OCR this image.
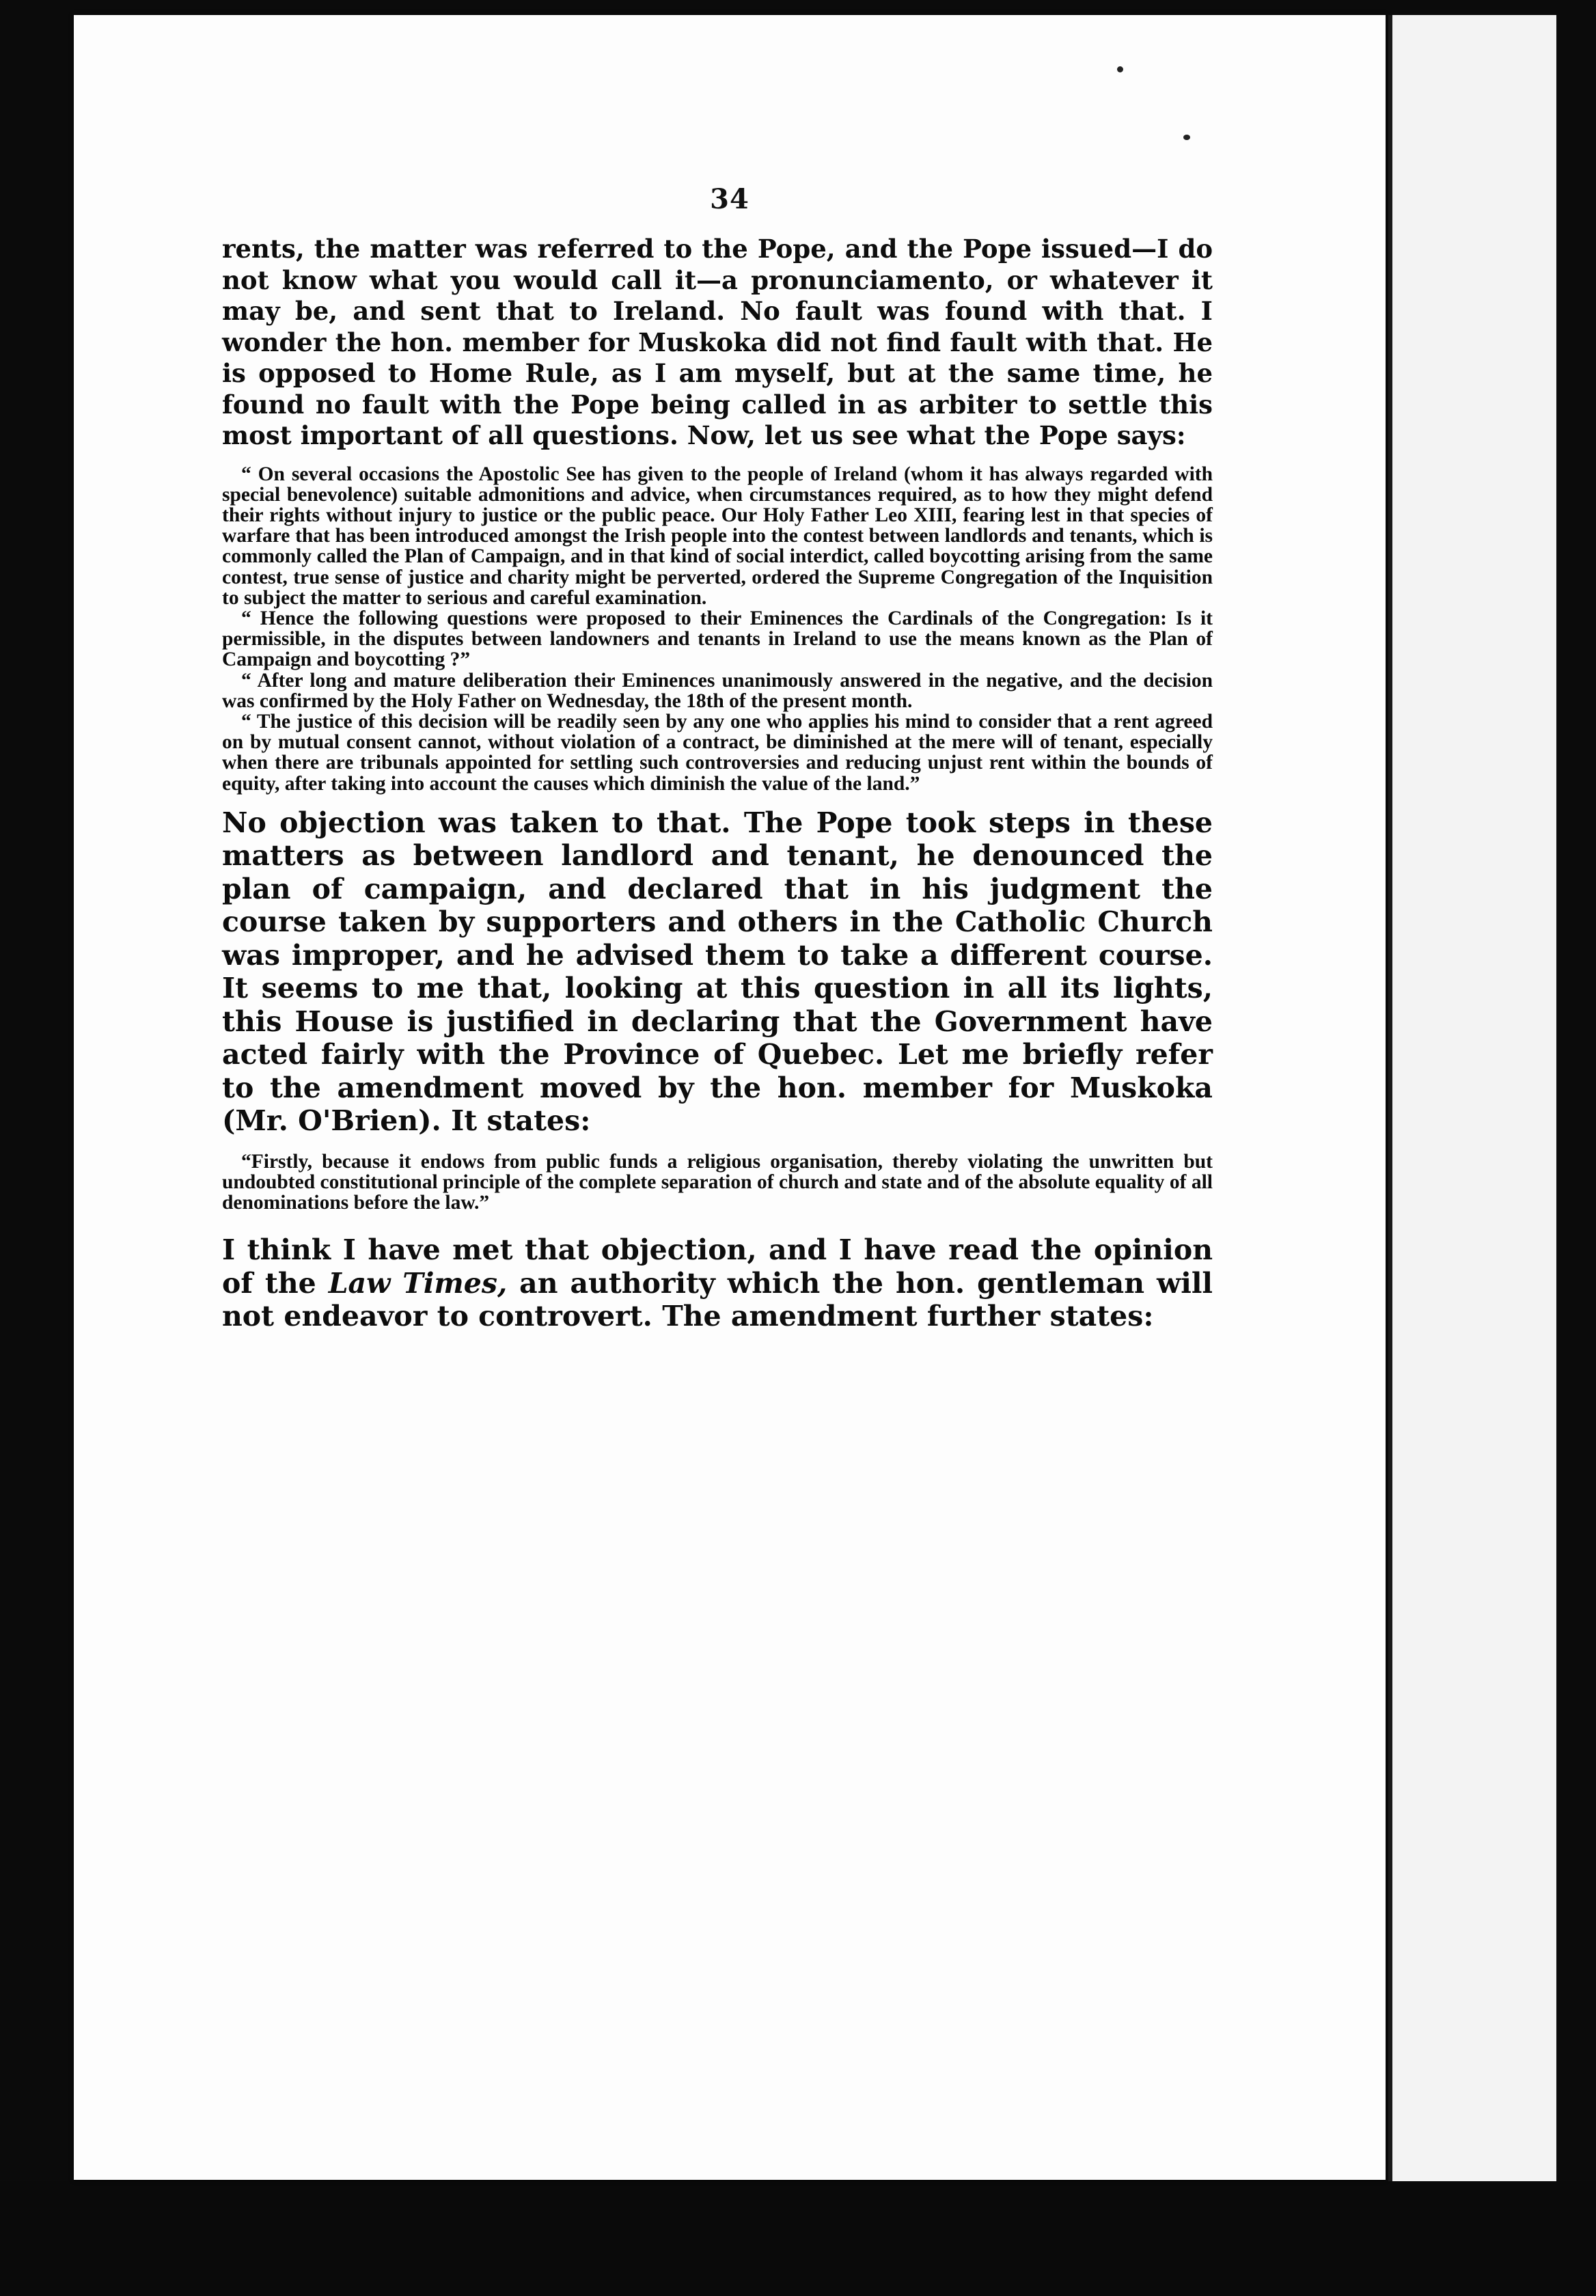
34

rents, the matter was referred to the Pope, and the Pope issued—I do not know what you would call it—a pronunciamento, or whatever it may be, and sent that to Ireland. No fault was found with that. I wonder the hon. member for Muskoka did not find fault with that. He is opposed to Home Rule, as I am myself, but at the same time, he found no fault with the Pope being called in as arbiter to settle this most important of all questions. Now, let us see what the Pope says:

“ On several occasions the Apostolic See has given to the people of Ireland (whom it has always regarded with special benevolence) suitable admonitions and advice, when circumstances required, as to how they might defend their rights without injury to justice or the public peace. Our Holy Father Leo XIII, fearing lest in that species of warfare that has been introduced amongst the Irish people into the contest between landlords and tenants, which is commonly called the Plan of Campaign, and in that kind of social interdict, called boycotting arising from the same contest, true sense of justice and charity might be perverted, ordered the Supreme Congregation of the Inquisition to subject the matter to serious and careful examination.

“ Hence the following questions were proposed to their Eminences the Cardinals of the Congregation: Is it permissible, in the disputes between landowners and tenants in Ireland to use the means known as the Plan of Campaign and boycotting ?”

“ After long and mature deliberation their Eminences unanimously answered in the negative, and the decision was confirmed by the Holy Father on Wednesday, the 18th of the present month.

“ The justice of this decision will be readily seen by any one who applies his mind to consider that a rent agreed on by mutual consent cannot, without violation of a contract, be diminished at the mere will of tenant, especially when there are tribunals appointed for settling such controversies and reducing unjust rent within the bounds of equity, after taking into account the causes which diminish the value of the land.”

No objection was taken to that. The Pope took steps in these matters as between landlord and tenant, he denounced the plan of campaign, and declared that in his judgment the course taken by supporters and others in the Catholic Church was improper, and he advised them to take a different course. It seems to me that, looking at this question in all its lights, this House is justified in declaring that the Government have acted fairly with the Province of Quebec. Let me briefly refer to the amendment moved by the hon. member for Muskoka (Mr. O'Brien). It states:

“Firstly, because it endows from public funds a religious organisation, thereby violating the unwritten but undoubted constitutional principle of the complete separation of church and state and of the absolute equality of all denominations before the law.”

I think I have met that objection, and I have read the opinion of the Law Times, an authority which the hon. gentleman will not endeavor to controvert. The amendment further states:
